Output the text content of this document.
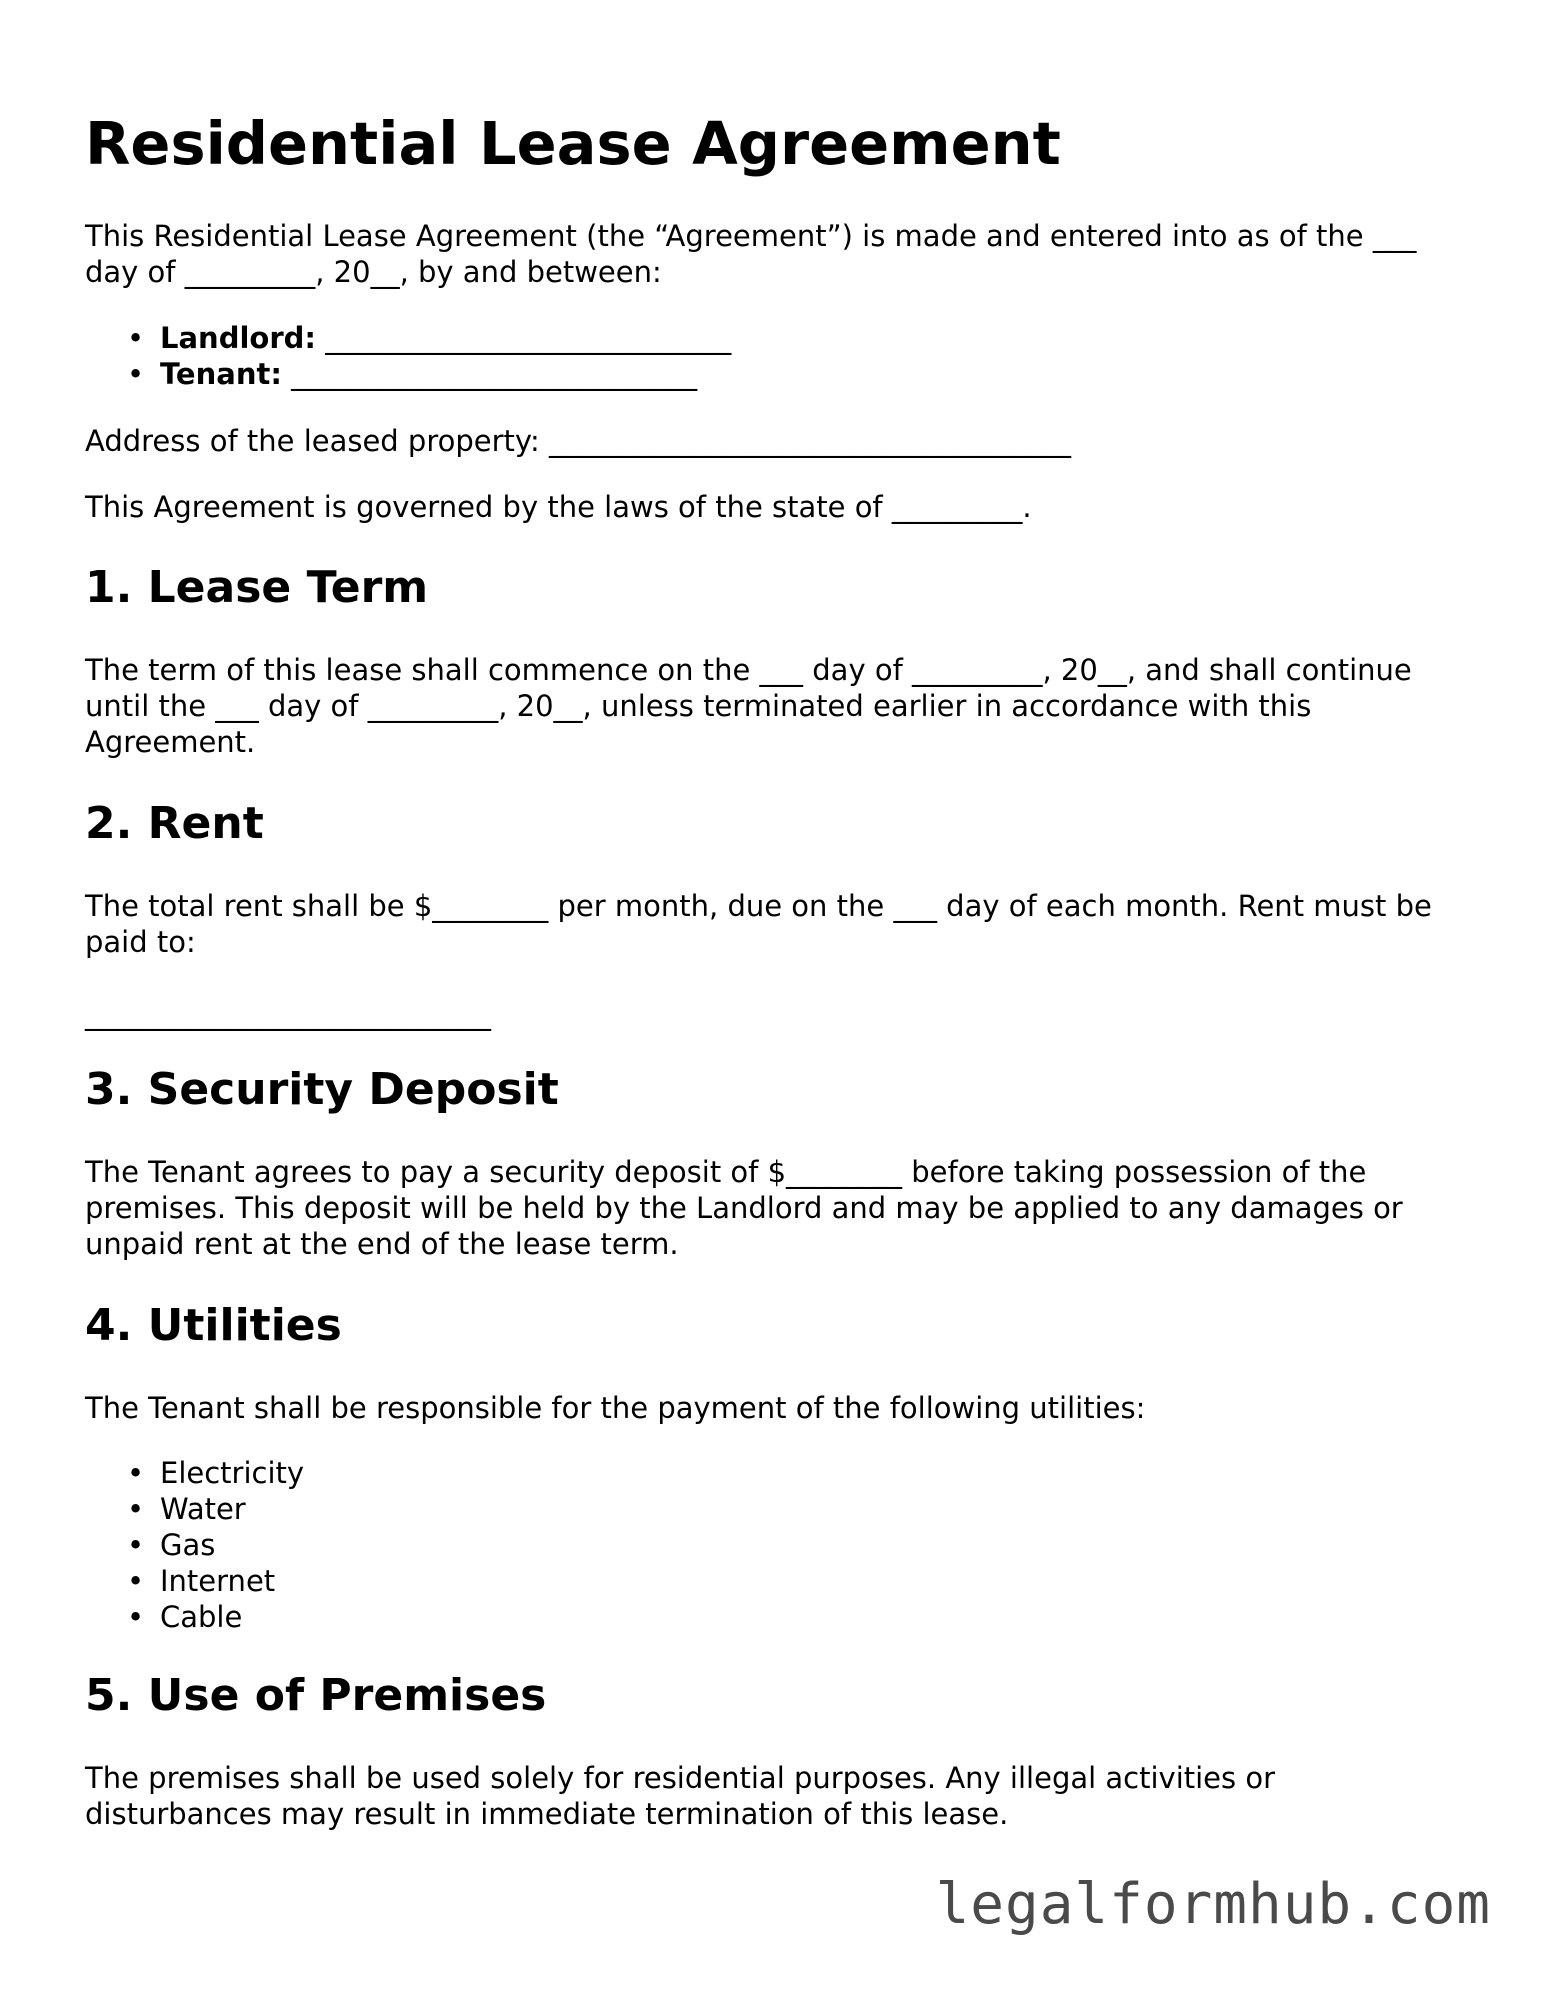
Residential Lease Agreement

This Residential Lease Agreement (the “Agreement”) is made and entered into as of the ___ day of _________, 20__, by and between:

• Landlord: ____________________________
• Tenant: ____________________________

Address of the leased property: ____________________________________

This Agreement is governed by the laws of the state of _________.

1. Lease Term

The term of this lease shall commence on the ___ day of _________, 20__, and shall continue until the ___ day of _________, 20__, unless terminated earlier in accordance with this Agreement.

2. Rent

The total rent shall be $________ per month, due on the ___ day of each month. Rent must be paid to:

____________________________

3. Security Deposit

The Tenant agrees to pay a security deposit of $________ before taking possession of the premises. This deposit will be held by the Landlord and may be applied to any damages or unpaid rent at the end of the lease term.

4. Utilities

The Tenant shall be responsible for the payment of the following utilities:

• Electricity
• Water
• Gas
• Internet
• Cable
5. Use of Premises

The premises shall be used solely for residential purposes. Any illegal activities or disturbances may result in immediate termination of this lease.

legalformhub.com
